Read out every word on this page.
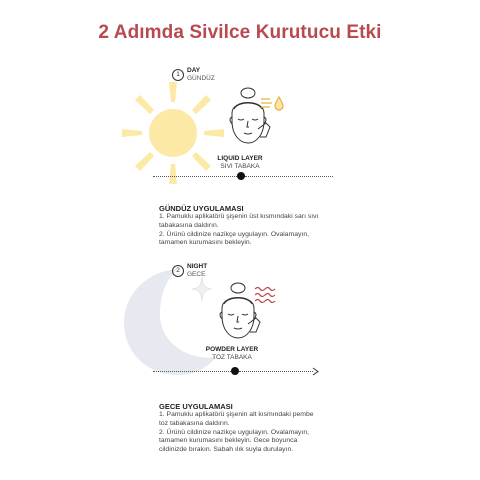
2 Adımda Sivilce Kurutucu Etki
1
DAY
GÜNDÜZ
LIQUID LAYER
SIVI TABAKA
GÜNDÜZ UYGULAMASI
1. Pamuklu aplikatörü şişenin üst kısmındaki sarı sıvı
tabakasına daldırın.
2. Ürünü cildinize nazikçe uygulayın. Ovalamayın,
tamamen kurumasını bekleyin.
2
NIGHT
GECE
POWDER LAYER
TOZ TABAKA
GECE UYGULAMASI
1. Pamuklu aplikatörü şişenin alt kısmındaki pembe
toz tabakasına daldırın.
2. Ürünü cildinize nazikçe uygulayın. Ovalamayın,
tamamen kurumasını bekleyin. Gece boyunca
cildinizde bırakın. Sabah ılık suyla durulayın.
